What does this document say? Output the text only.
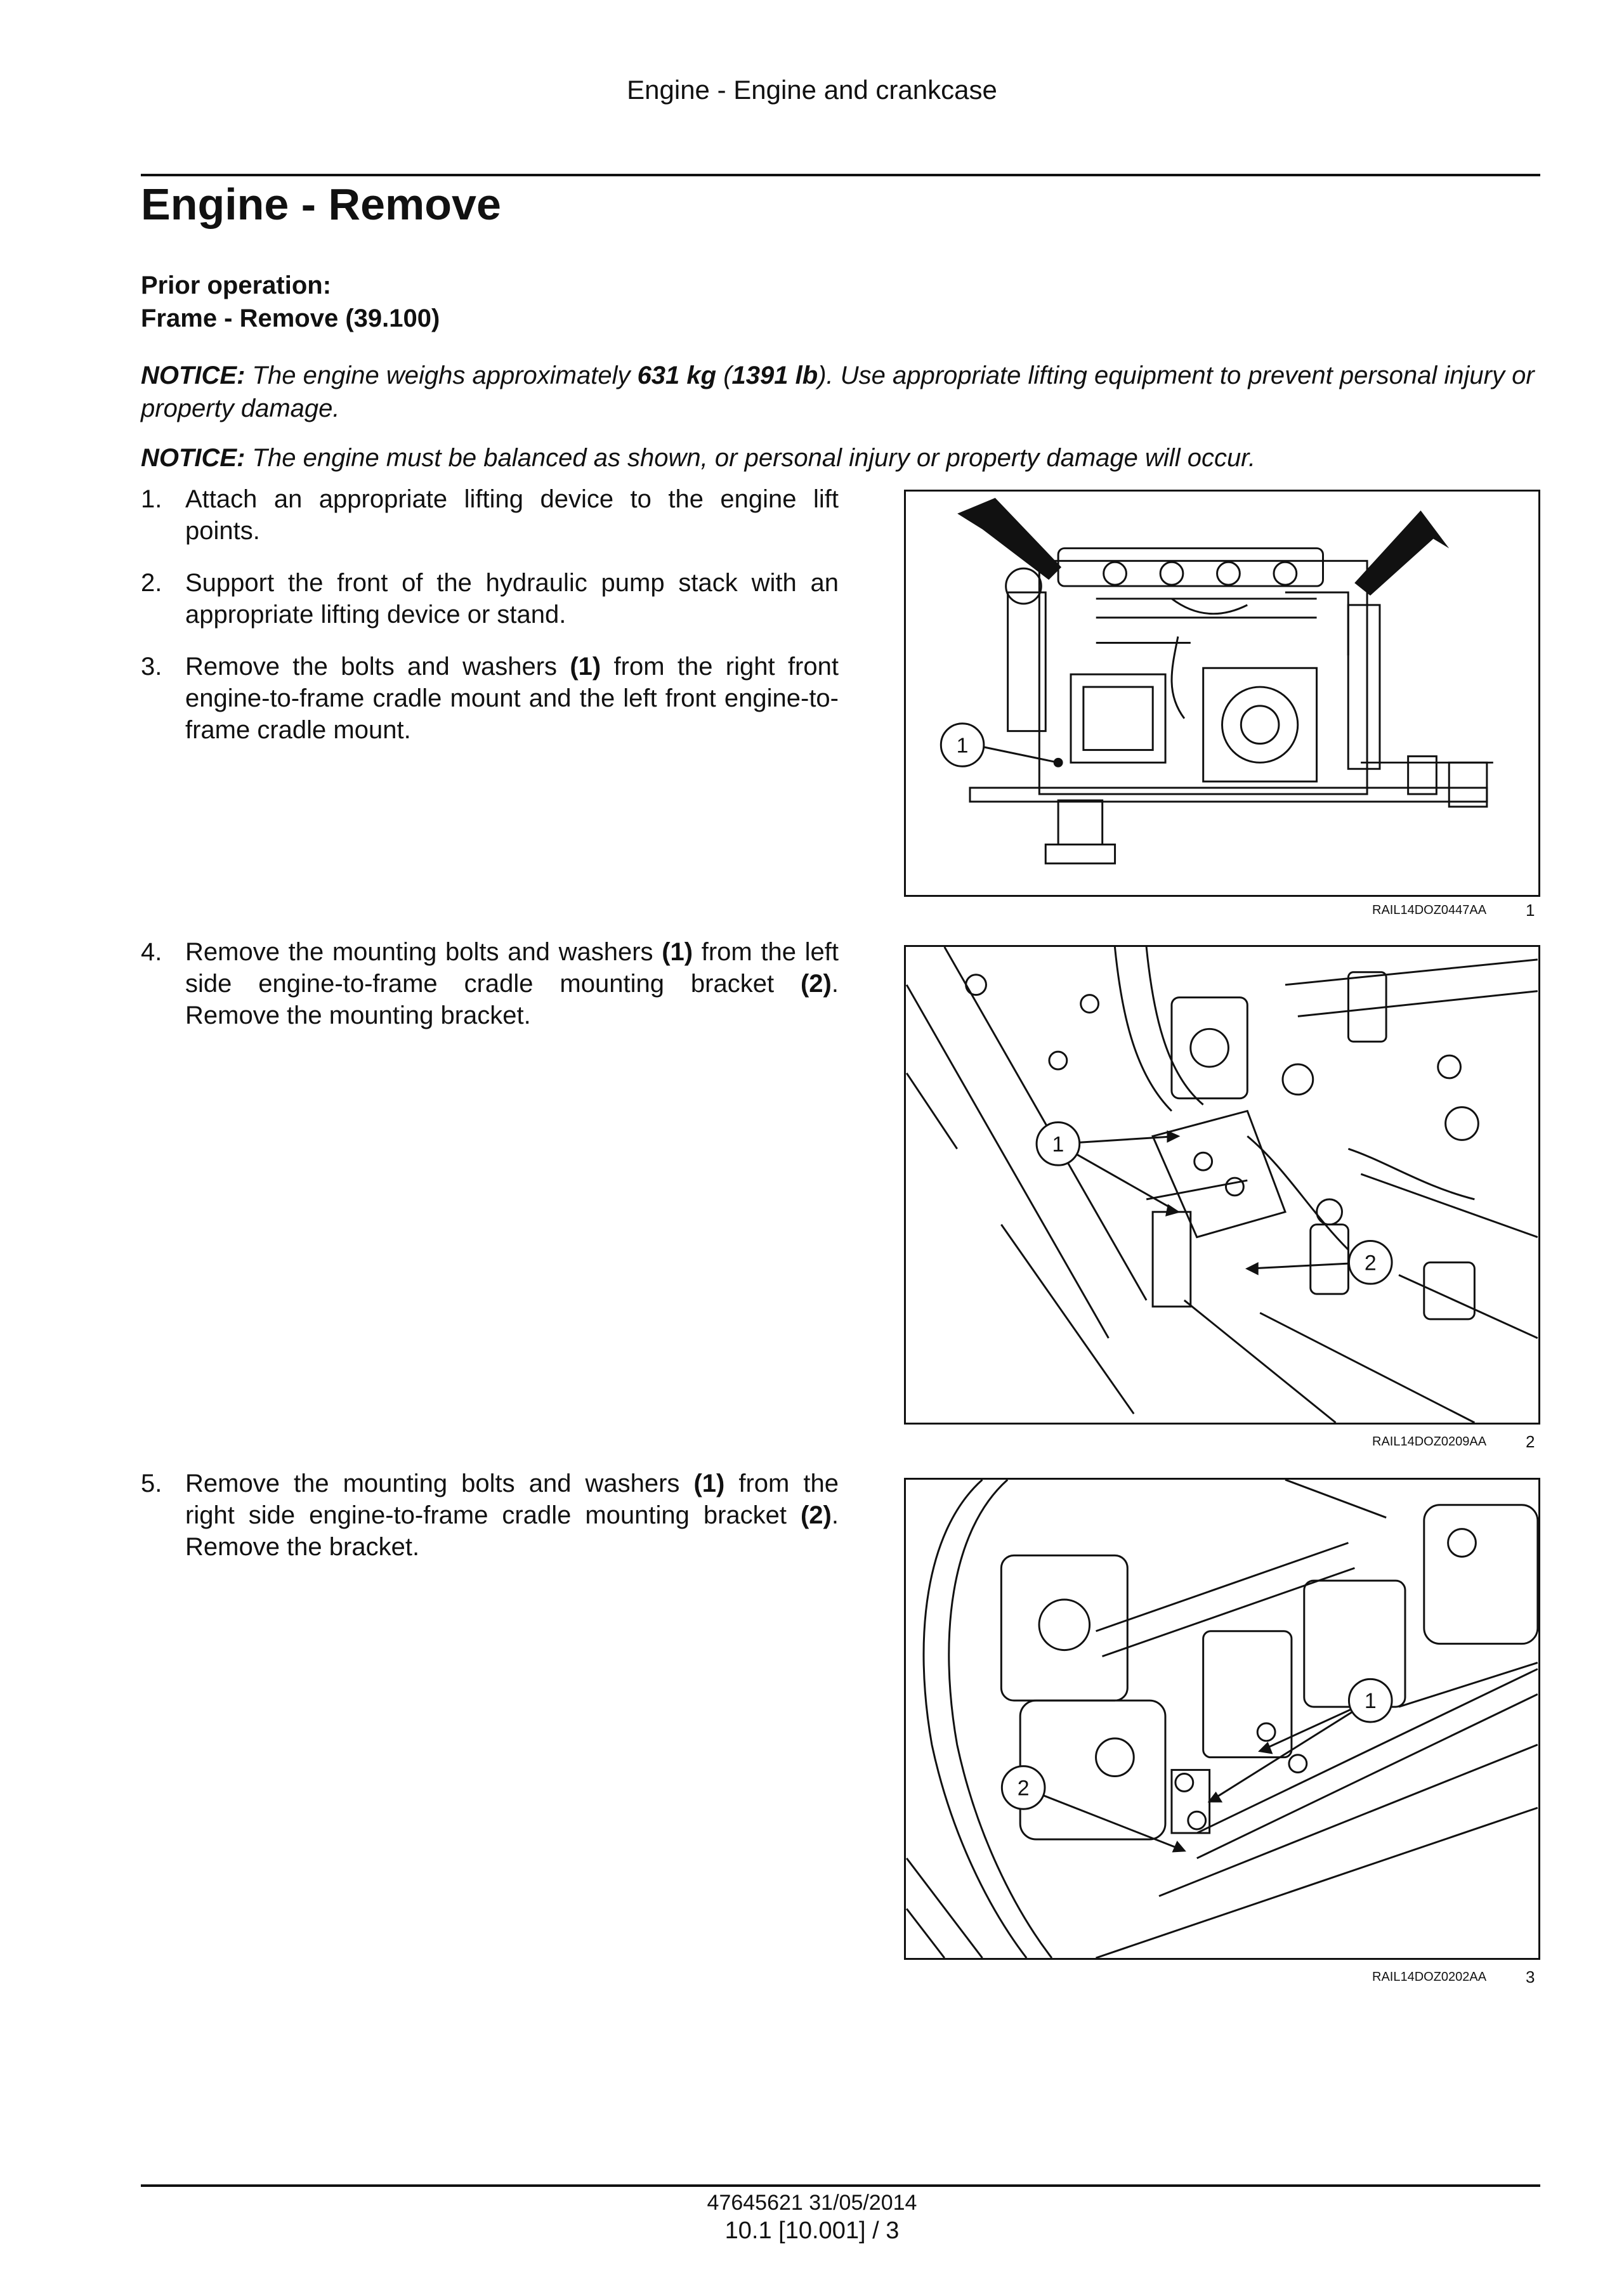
Engine - Engine and crankcase
Engine - Remove
Prior operation:
Frame - Remove (39.100)
NOTICE: The engine weighs approximately 631 kg (1391 lb). Use appropriate lifting equipment to prevent personal injury or property damage.
NOTICE: The engine must be balanced as shown, or personal injury or property damage will occur.
1. Attach an appropriate lifting device to the engine lift points.
2. Support the front of the hydraulic pump stack with an appropriate lifting device or stand.
3. Remove the bolts and washers (1) from the right front engine-to-frame cradle mount and the left front engine-to-frame cradle mount.
1
RAIL14DOZ0447AA 1
4. Remove the mounting bolts and washers (1) from the left side engine-to-frame cradle mounting bracket (2). Remove the mounting bracket.
1
2
RAIL14DOZ0209AA 2
5. Remove the mounting bolts and washers (1) from the right side engine-to-frame cradle mounting bracket (2). Remove the bracket.
1
2
RAIL14DOZ0202AA 3
47645621 31/05/2014
10.1 [10.001] / 3
